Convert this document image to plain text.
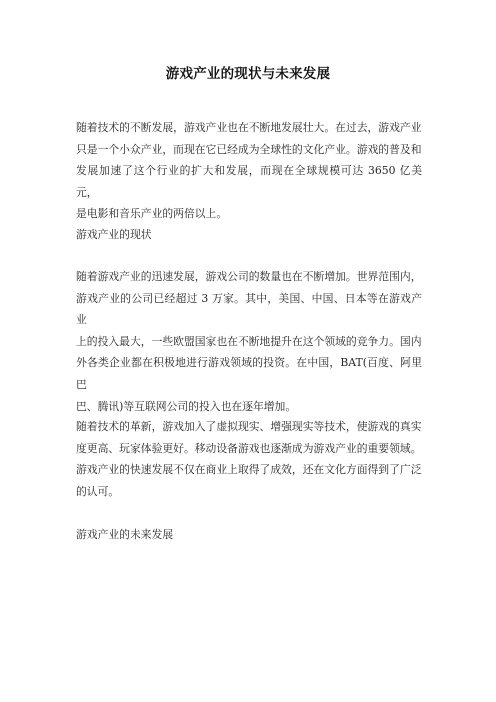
游戏产业的现状与未来发展
随着技术的不断发展，游戏产业也在不断地发展壮大。在过去，游戏产业
只是一个小众产业，而现在它已经成为全球性的文化产业。游戏的普及和
发展加速了这个行业的扩大和发展，而现在全球规模可达 3650 亿美元，
是电影和音乐产业的两倍以上。
游戏产业的现状
随着游戏产业的迅速发展，游戏公司的数量也在不断增加。世界范围内，
游戏产业的公司已经超过 3 万家。其中，美国、中国、日本等在游戏产业
上的投入最大，一些欧盟国家也在不断地提升在这个领域的竞争力。国内
外各类企业都在积极地进行游戏领域的投资。在中国，BAT(百度、阿里巴
巴、腾讯)等互联网公司的投入也在逐年增加。
随着技术的革新，游戏加入了虚拟现实、增强现实等技术，使游戏的真实
度更高、玩家体验更好。移动设备游戏也逐渐成为游戏产业的重要领域。
游戏产业的快速发展不仅在商业上取得了成效，还在文化方面得到了广泛
的认可。
游戏产业的未来发展
